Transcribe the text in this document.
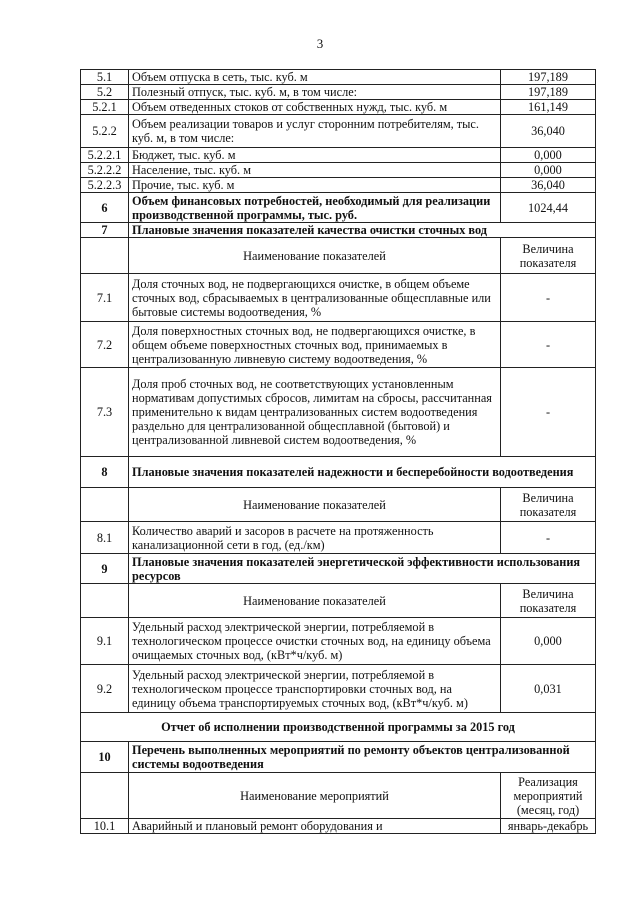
3
5.1	Объем отпуска в сеть, тыс. куб. м	197,189
5.2	Полезный отпуск, тыс. куб. м, в том числе:	197,189
5.2.1	Объем отведенных стоков от собственных нужд, тыс. куб. м	161,149
5.2.2	Объем реализации товаров и услуг сторонним потребителям, тыс. куб. м, в том числе:	36,040
5.2.2.1	Бюджет, тыс. куб. м	0,000
5.2.2.2	Население, тыс. куб. м	0,000
5.2.2.3	Прочие, тыс. куб. м	36,040
6	Объем финансовых потребностей, необходимый для реализации производственной программы, тыс. руб.	1024,44
7	Плановые значения показателей качества очистки сточных вод	
	Наименование показателей	Величина показателя
7.1	Доля сточных вод, не подвергающихся очистке, в общем объеме сточных вод, сбрасываемых в централизованные общесплавные или бытовые системы водоотведения, %	-
7.2	Доля поверхностных сточных вод, не подвергающихся очистке, в общем объеме поверхностных сточных вод, принимаемых в централизованную ливневую систему водоотведения, %	-
7.3	Доля проб сточных вод, не соответствующих установленным нормативам допустимых сбросов, лимитам на сбросы, рассчитанная применительно к видам централизованных систем водоотведения раздельно для централизованной общесплавной (бытовой) и централизованной ливневой систем водоотведения, %	-
8	Плановые значения показателей надежности и бесперебойности водоотведения	
	Наименование показателей	Величина показателя
8.1	Количество аварий и засоров в расчете на протяженность канализационной сети в год, (ед./км)	-
9	Плановые значения показателей энергетической эффективности использования ресурсов	
	Наименование показателей	Величина показателя
9.1	Удельный расход электрической энергии, потребляемой в технологическом процессе очистки сточных вод, на единицу объема очищаемых сточных вод, (кВт*ч/куб. м)	0,000
9.2	Удельный расход электрической энергии, потребляемой в технологическом процессе транспортировки сточных вод, на единицу объема транспортируемых сточных вод, (кВт*ч/куб. м)	0,031
Отчет об исполнении производственной программы за 2015 год		
10	Перечень выполненных мероприятий по ремонту объектов централизованной системы водоотведения	
	Наименование мероприятий	Реализация мероприятий (месяц, год)
10.1	Аварийный и плановый ремонт оборудования и	январь-декабрь
